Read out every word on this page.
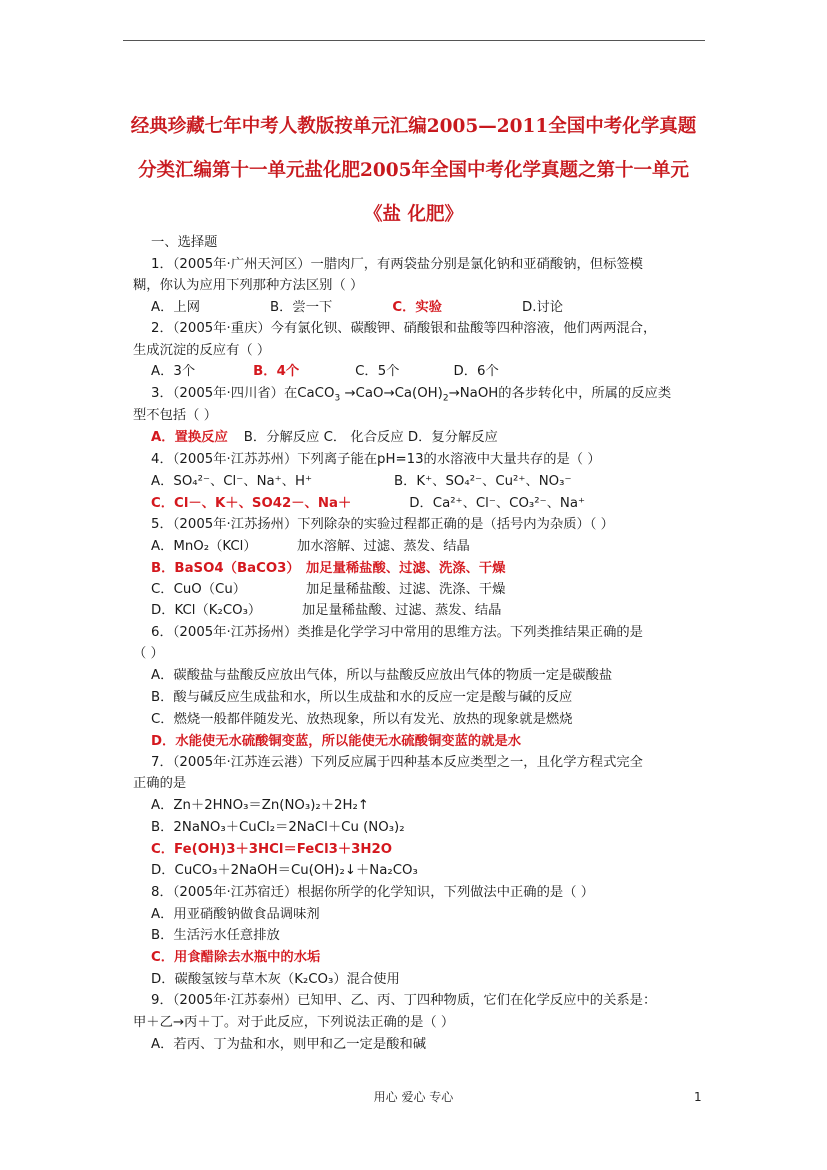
经典珍藏七年中考人教版按单元汇编2005—2011全国中考化学真题
分类汇编第十一单元盐化肥2005年全国中考化学真题之第十一单元
《盐 化肥》
一、选择题
1．（2005年·广州天河区）一腊肉厂，有两袋盐分别是氯化钠和亚硝酸钠，但标签模
糊，你认为应用下列那种方法区别（ ）
A．上网	B．尝一下	C．实验	D.讨论
2．（2005年·重庆）今有氯化钡、碳酸钾、硝酸银和盐酸等四种溶液，他们两两混合，
生成沉淀的反应有（ ）
A．3个	B．4个	C．5个	D．6个
3．（2005年·四川省）在CaCO$_3$ $\to CaO\to Ca(OH)_2\to NaOH$的各步转化中，所属的反应类
型不包括（ ）
A．置换反应 B．分解反应 C． 化合反应 D．复分解反应
4．（2005年·江苏苏州）下列离子能在pH=13的水溶液中大量共存的是（ ）
A．SO₄²⁻、Cl⁻、Na⁺、H⁺	B．K⁺、SO₄²⁻、Cu²⁺、NO₃⁻
C．Cl－、K＋、SO42－、Na＋	D．Ca²⁺、Cl⁻、CO₃²⁻、Na⁺
5．（2005年·江苏扬州）下列除杂的实验过程都正确的是（括号内为杂质）（ ）
A．MnO₂（KCl）	加水溶解、过滤、蒸发、结晶
B．BaSO4（BaCO3） 加足量稀盐酸、过滤、洗涤、干燥
C．CuO（Cu）	加足量稀盐酸、过滤、洗涤、干燥
D．KCl（K₂CO₃）	加足量稀盐酸、过滤、蒸发、结晶
6．（2005年·江苏扬州）类推是化学学习中常用的思维方法。下列类推结果正确的是
（ ）
A．碳酸盐与盐酸反应放出气体，所以与盐酸反应放出气体的物质一定是碳酸盐
B．酸与碱反应生成盐和水，所以生成盐和水的反应一定是酸与碱的反应
C．燃烧一般都伴随发光、放热现象，所以有发光、放热的现象就是燃烧
D．水能使无水硫酸铜变蓝，所以能使无水硫酸铜变蓝的就是水
7．（2005年·江苏连云港）下列反应属于四种基本反应类型之一，且化学方程式完全
正确的是
A．Zn＋2HNO₃＝Zn(NO₃)₂＋2H₂↑
B．2NaNO₃＋CuCl₂＝2NaCl＋Cu (NO₃)₂
C．Fe(OH)3＋3HCl＝FeCl3＋3H2O
D．CuCO₃＋2NaOH＝Cu(OH)₂↓＋Na₂CO₃
8．（2005年·江苏宿迁）根据你所学的化学知识，下列做法中正确的是（ ）
A．用亚硝酸钠做食品调味剂
B．生活污水任意排放
C．用食醋除去水瓶中的水垢
D．碳酸氢铵与草木灰（K₂CO₃）混合使用
9．（2005年·江苏泰州）已知甲、乙、丙、丁四种物质，它们在化学反应中的关系是：
甲＋乙→丙＋丁。对于此反应，下列说法正确的是（ ）
A．若丙、丁为盐和水，则甲和乙一定是酸和碱
用心 爱心 专心	1
